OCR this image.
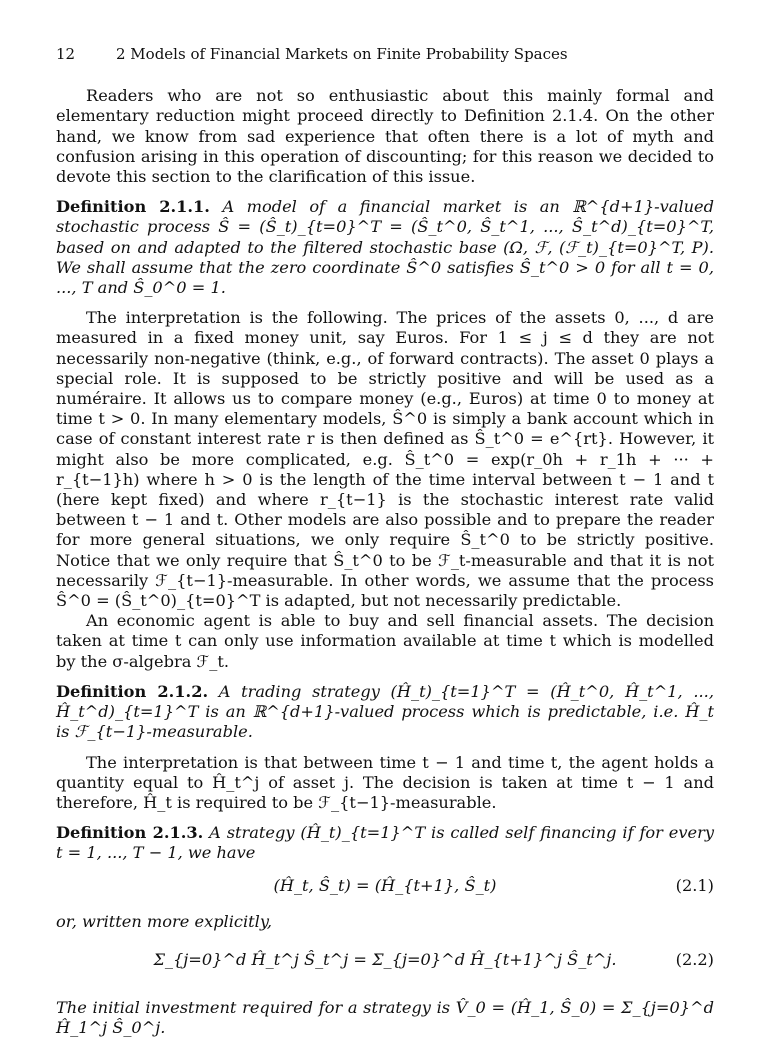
12	2 Models of Financial Markets on Finite Probability Spaces

Readers who are not so enthusiastic about this mainly formal and elementary reduction might proceed directly to Definition 2.1.4. On the other hand, we know from sad experience that often there is a lot of myth and confusion arising in this operation of discounting; for this reason we decided to devote this section to the clarification of this issue.

Definition 2.1.1. A model of a financial market is an ℝ^{d+1}-valued stochastic process Ŝ = (Ŝ_t)_{t=0}^T = (Ŝ_t^0, Ŝ_t^1, ..., Ŝ_t^d)_{t=0}^T, based on and adapted to the filtered stochastic base (Ω, ℱ, (ℱ_t)_{t=0}^T, P). We shall assume that the zero coordinate Ŝ^0 satisfies Ŝ_t^0 > 0 for all t = 0, ..., T and Ŝ_0^0 = 1.

The interpretation is the following. The prices of the assets 0, ..., d are measured in a fixed money unit, say Euros. For 1 ≤ j ≤ d they are not necessarily non-negative (think, e.g., of forward contracts). The asset 0 plays a special role. It is supposed to be strictly positive and will be used as a numéraire. It allows us to compare money (e.g., Euros) at time 0 to money at time t > 0. In many elementary models, Ŝ^0 is simply a bank account which in case of constant interest rate r is then defined as Ŝ_t^0 = e^{rt}. However, it might also be more complicated, e.g. Ŝ_t^0 = exp(r_0h + r_1h + ··· + r_{t−1}h) where h > 0 is the length of the time interval between t − 1 and t (here kept fixed) and where r_{t−1} is the stochastic interest rate valid between t − 1 and t. Other models are also possible and to prepare the reader for more general situations, we only require Ŝ_t^0 to be strictly positive. Notice that we only require that Ŝ_t^0 to be ℱ_t-measurable and that it is not necessarily ℱ_{t−1}-measurable. In other words, we assume that the process Ŝ^0 = (Ŝ_t^0)_{t=0}^T is adapted, but not necessarily predictable.

An economic agent is able to buy and sell financial assets. The decision taken at time t can only use information available at time t which is modelled by the σ-algebra ℱ_t.

Definition 2.1.2. A trading strategy (Ĥ_t)_{t=1}^T = (Ĥ_t^0, Ĥ_t^1, ..., Ĥ_t^d)_{t=1}^T is an ℝ^{d+1}-valued process which is predictable, i.e. Ĥ_t is ℱ_{t−1}-measurable.

The interpretation is that between time t − 1 and time t, the agent holds a quantity equal to Ĥ_t^j of asset j. The decision is taken at time t − 1 and therefore, Ĥ_t is required to be ℱ_{t−1}-measurable.

Definition 2.1.3. A strategy (Ĥ_t)_{t=1}^T is called self financing if for every t = 1, ..., T − 1, we have

(Ĥ_t, Ŝ_t) = (Ĥ_{t+1}, Ŝ_t)	(2.1)

or, written more explicitly,

Σ_{j=0}^d Ĥ_t^j Ŝ_t^j = Σ_{j=0}^d Ĥ_{t+1}^j Ŝ_t^j.	(2.2)

The initial investment required for a strategy is V̂_0 = (Ĥ_1, Ŝ_0) = Σ_{j=0}^d Ĥ_1^j Ŝ_0^j.
